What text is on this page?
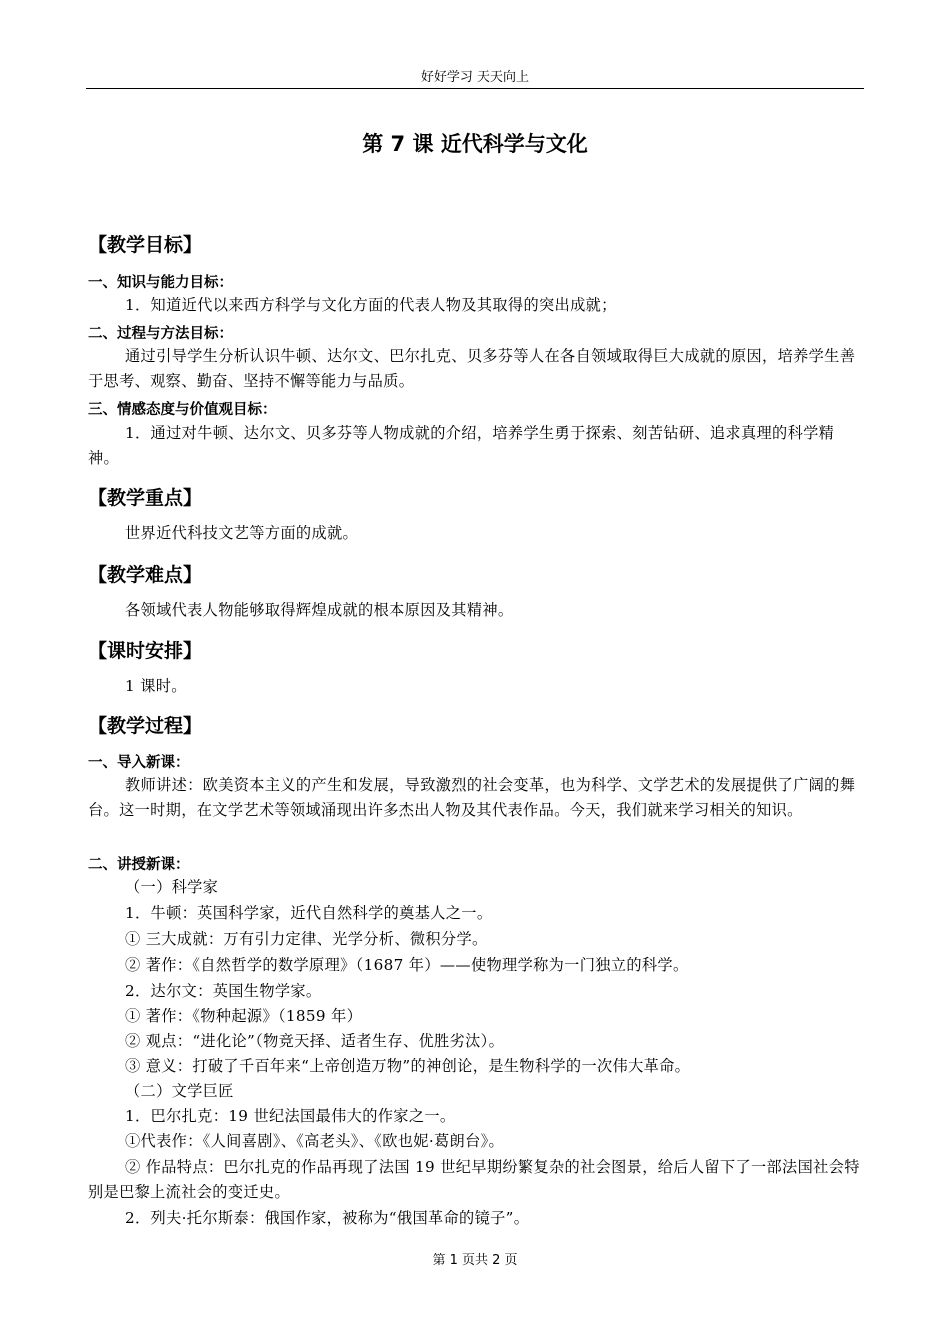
好好学习 天天向上
第 7 课 近代科学与文化
【教学目标】
一、知识与能力目标：
1．知道近代以来西方科学与文化方面的代表人物及其取得的突出成就；
二、过程与方法目标：
通过引导学生分析认识牛顿、达尔文、巴尔扎克、贝多芬等人在各自领域取得巨大成就的原因，培养学生善于思考、观察、勤奋、坚持不懈等能力与品质。
三、情感态度与价值观目标：
1．通过对牛顿、达尔文、贝多芬等人物成就的介绍，培养学生勇于探索、刻苦钻研、追求真理的科学精神。
【教学重点】
世界近代科技文艺等方面的成就。
【教学难点】
各领域代表人物能够取得辉煌成就的根本原因及其精神。
【课时安排】
1 课时。
【教学过程】
一、导入新课：
教师讲述：欧美资本主义的产生和发展，导致激烈的社会变革，也为科学、文学艺术的发展提供了广阔的舞台。这一时期，在文学艺术等领域涌现出许多杰出人物及其代表作品。今天，我们就来学习相关的知识。
二、讲授新课：
（一）科学家
1．牛顿：英国科学家，近代自然科学的奠基人之一。
① 三大成就：万有引力定律、光学分析、微积分学。
② 著作：《自然哲学的数学原理》（1687 年）——使物理学称为一门独立的科学。
2．达尔文：英国生物学家。
① 著作：《物种起源》（1859 年）
② 观点：“进化论”（物竞天择、适者生存、优胜劣汰）。
③ 意义：打破了千百年来“上帝创造万物”的神创论，是生物科学的一次伟大革命。
（二）文学巨匠
1．巴尔扎克：19 世纪法国最伟大的作家之一。
①代表作：《人间喜剧》、《高老头》、《欧也妮·葛朗台》。
② 作品特点：巴尔扎克的作品再现了法国 19 世纪早期纷繁复杂的社会图景，给后人留下了一部法国社会特别是巴黎上流社会的变迁史。
2．列夫·托尔斯泰：俄国作家，被称为“俄国革命的镜子”。
第 1 页共 2 页
